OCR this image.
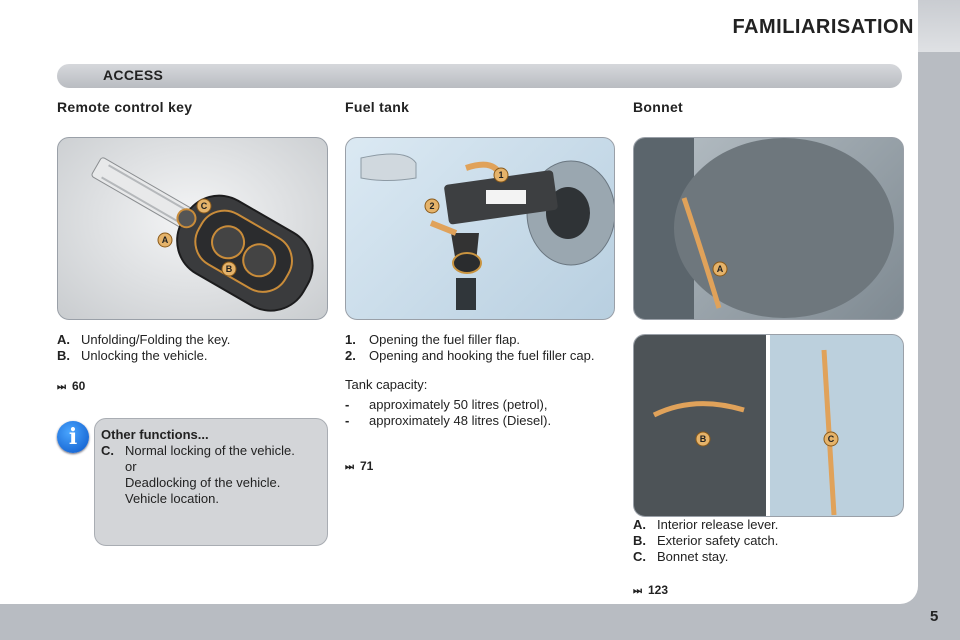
FAMILIARISATION
ACCESS
Remote control key	Fuel tank	Bonnet
C
A
B
1
2
A
B	C
A. Unfolding/Folding the key.
B. Unlocking the vehicle.
⏭ 60
i	Other functions...
C. Normal locking of the vehicle.
or
Deadlocking of the vehicle.
Vehicle location.
1.	Opening the fuel filler flap.
2.	Opening and hooking the fuel filler cap.
Tank capacity:
-	approximately 50 litres (petrol),
-	approximately 48 litres (Diesel).
⏭ 71
A. Interior release lever.
B. Exterior safety catch.
C. Bonnet stay.
⏭ 123
5
